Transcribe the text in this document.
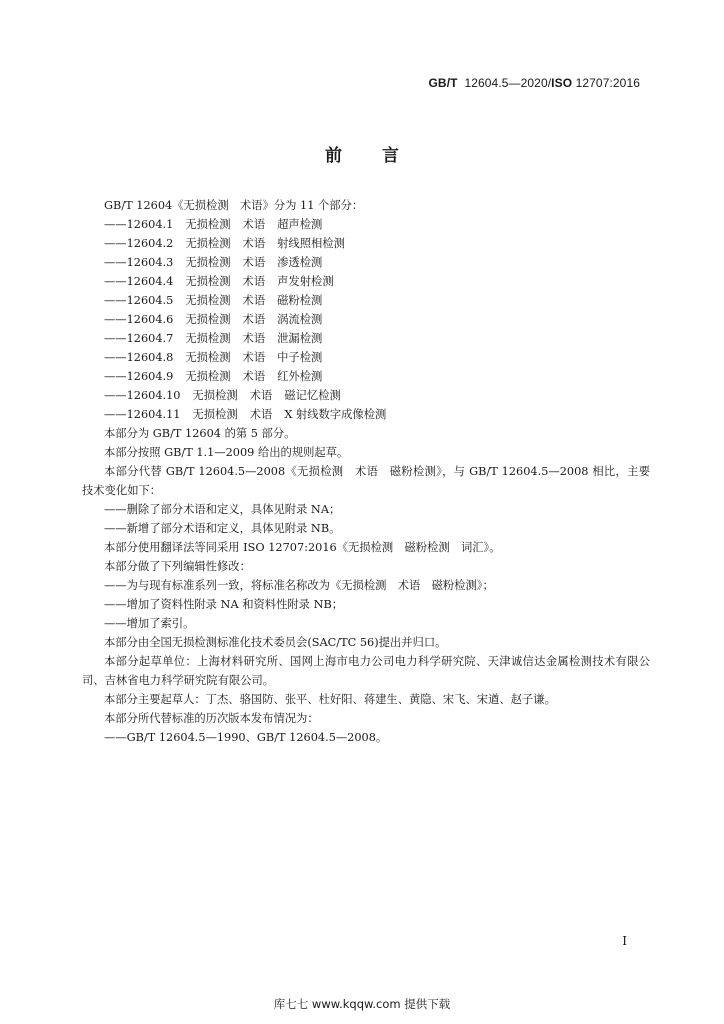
GB/T 12604.5—2020/ISO 12707:2016
前 言

GB/T 12604《无损检测　术语》分为 11 个部分：

——12604.1 无损检测 术语 超声检测

——12604.2 无损检测 术语 射线照相检测

——12604.3 无损检测 术语 渗透检测

——12604.4 无损检测 术语 声发射检测

——12604.5 无损检测 术语 磁粉检测

——12604.6 无损检测 术语 涡流检测

——12604.7 无损检测 术语 泄漏检测

——12604.8 无损检测 术语 中子检测

——12604.9 无损检测 术语 红外检测

——12604.10 无损检测 术语 磁记忆检测

——12604.11 无损检测 术语 X 射线数字成像检测

本部分为 GB/T 12604 的第 5 部分。

本部分按照 GB/T 1.1—2009 给出的规则起草。

本部分代替 GB/T 12604.5—2008《无损检测　术语　磁粉检测》，与 GB/T 12604.5—2008 相比，主要技术变化如下：

——删除了部分术语和定义，具体见附录 NA；

——新增了部分术语和定义，具体见附录 NB。

本部分使用翻译法等同采用 ISO 12707:2016《无损检测　磁粉检测　词汇》。

本部分做了下列编辑性修改：

——为与现有标准系列一致，将标准名称改为《无损检测　术语　磁粉检测》；

——增加了资料性附录 NA 和资料性附录 NB；

——增加了索引。

本部分由全国无损检测标准化技术委员会(SAC/TC 56)提出并归口。

本部分起草单位：上海材料研究所、国网上海市电力公司电力科学研究院、天津诚信达金属检测技术有限公司、吉林省电力科学研究院有限公司。

本部分主要起草人：丁杰、骆国防、张平、杜好阳、蒋建生、黄隐、宋飞、宋遒、赵子谦。

本部分所代替标准的历次版本发布情况为：

——GB/T 12604.5—1990、GB/T 12604.5—2008。

I
库七七 www.kqqw.com 提供下载
